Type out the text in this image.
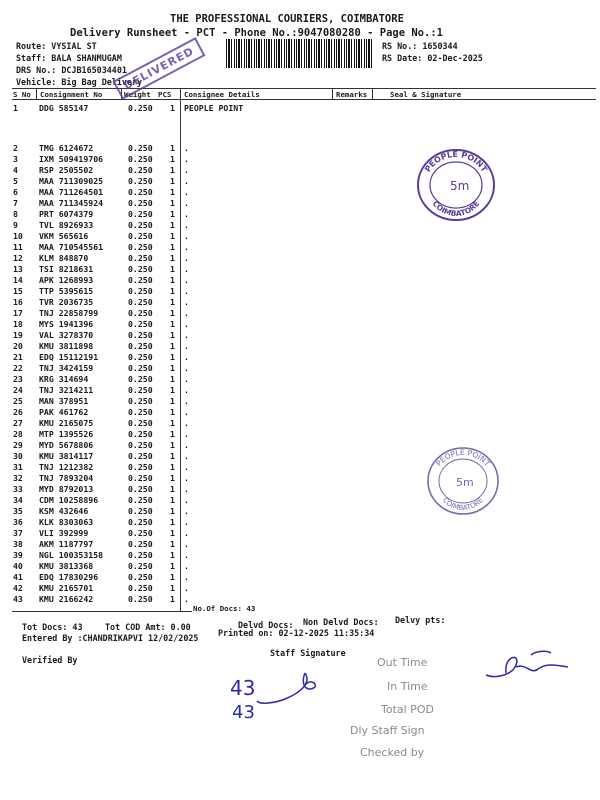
THE PROFESSIONAL COURIERS, COIMBATORE
Delivery Runsheet - PCT - Phone No.:9047080280 - Page No.:1
Route: VYSIAL ST
Staff: BALA SHANMUGAM
DRS No.: DCJB165034401
Vehicle: Big Bag Delivery
RS No.: 1650344
RS Date: 02-Dec-2025
S No Consignment No	Weight PCS Consignee Details	Remarks	Seal & Signature
1	DDG 585147	0.250 1 PEOPLE POINT
2	TMG 6124672	0.250 1 .
3	IXM 509419706	0.250 1 .
4	RSP 2505502	0.250 1 .
5	MAA 711309025	0.250 1 .
6	MAA 711264501	0.250 1 .
7	MAA 711345924	0.250 1 .
8	PRT 6074379	0.250 1 .
9	TVL 8926933	0.250 1 .
10 VKM 565616	0.250 1 .
11 MAA 710545561	0.250 1 .
12 KLM 848870	0.250 1 .
13 TSI 8218631	0.250 1 .
14 APK 1268993	0.250 1 .
15 TTP 5395615	0.250 1 .
16 TVR 2036735	0.250 1 .
17 TNJ 22858799	0.250 1 .
18 MYS 1941396	0.250 1 .
19 VAL 3278370	0.250 1 .
20 KMU 3811898	0.250 1 .
21 EDQ 15112191	0.250 1 .
22 TNJ 3424159	0.250 1 .
23 KRG 314694	0.250 1 .
24 TNJ 3214211	0.250 1 .
25 MAN 378951	0.250 1 .
26 PAK 461762	0.250 1 .
27 KMU 2165075	0.250 1 .
28 MTP 1395526	0.250 1 .
29 MYD 5678806	0.250 1 .
30 KMU 3814117	0.250 1 .
31 TNJ 1212382	0.250 1 .
32 TNJ 7893204	0.250 1 .
33 MYD 8792013	0.250 1 .
34 CDM 10258896	0.250 1 .
35 KSM 432646	0.250 1 .
36 KLK 8303063	0.250 1 .
37 VLI 392999	0.250 1 .
38 AKM 1187797	0.250 1 .
39 NGL 100353158	0.250 1 .
40 KMU 3813368	0.250 1 .
41 EDQ 17830296	0.250 1 .
42 KMU 2165701	0.250 1 .
43 KMU 2166242	0.250 1 .
No.Of Docs: 43
DELIVERED
PEOPLE POINT
COIMBATORE
5m
PEOPLE POINT
COIMBATORE
5m
Tot Docs: 43	Tot COD Amt: 0.00	Delvd Docs: Non Delvd Docs: Delvy pts:
Entered By :CHANDRIKAPVI 12/02/2025 Printed on: 02-12-2025 11:35:34
Verified By
Staff Signature
Out Time
In Time
Total POD
Dly Staff Sign
Checked by
43
43
